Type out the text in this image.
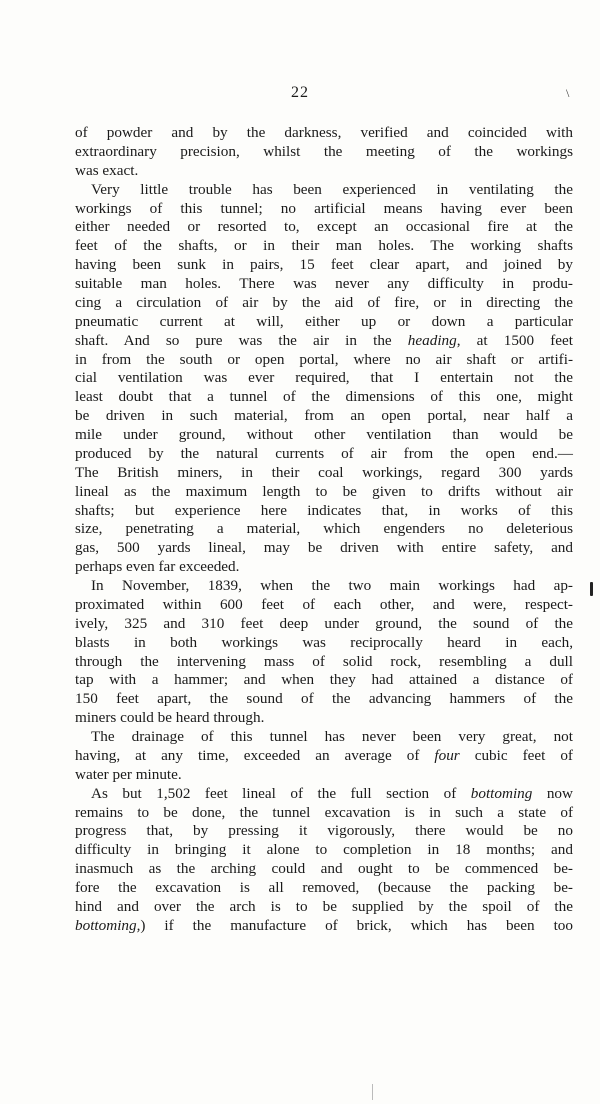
\
22
of powder and by the darkness, verified and coincided with
extraordinary precision, whilst the meeting of the workings
was exact.
Very little trouble has been experienced in ventilating the
workings of this tunnel; no artificial means having ever been
either needed or resorted to, except an occasional fire at the
feet of the shafts, or in their man holes. The working shafts
having been sunk in pairs, 15 feet clear apart, and joined by
suitable man holes. There was never any difficulty in produ-
cing a circulation of air by the aid of fire, or in directing the
pneumatic current at will, either up or down a particular
shaft. And so pure was the air in the heading, at 1500 feet
in from the south or open portal, where no air shaft or artifi-
cial ventilation was ever required, that I entertain not the
least doubt that a tunnel of the dimensions of this one, might
be driven in such material, from an open portal, near half a
mile under ground, without other ventilation than would be
produced by the natural currents of air from the open end.—
The British miners, in their coal workings, regard 300 yards
lineal as the maximum length to be given to drifts without air
shafts; but experience here indicates that, in works of this
size, penetrating a material, which engenders no deleterious
gas, 500 yards lineal, may be driven with entire safety, and
perhaps even far exceeded.
In November, 1839, when the two main workings had ap-
proximated within 600 feet of each other, and were, respect-
ively, 325 and 310 feet deep under ground, the sound of the
blasts in both workings was reciprocally heard in each,
through the intervening mass of solid rock, resembling a dull
tap with a hammer; and when they had attained a distance of
150 feet apart, the sound of the advancing hammers of the
miners could be heard through.
The drainage of this tunnel has never been very great, not
having, at any time, exceeded an average of four cubic feet of
water per minute.
As but 1,502 feet lineal of the full section of bottoming now
remains to be done, the tunnel excavation is in such a state of
progress that, by pressing it vigorously, there would be no
difficulty in bringing it alone to completion in 18 months; and
inasmuch as the arching could and ought to be commenced be-
fore the excavation is all removed, (because the packing be-
hind and over the arch is to be supplied by the spoil of the
bottoming,) if the manufacture of brick, which has been too
